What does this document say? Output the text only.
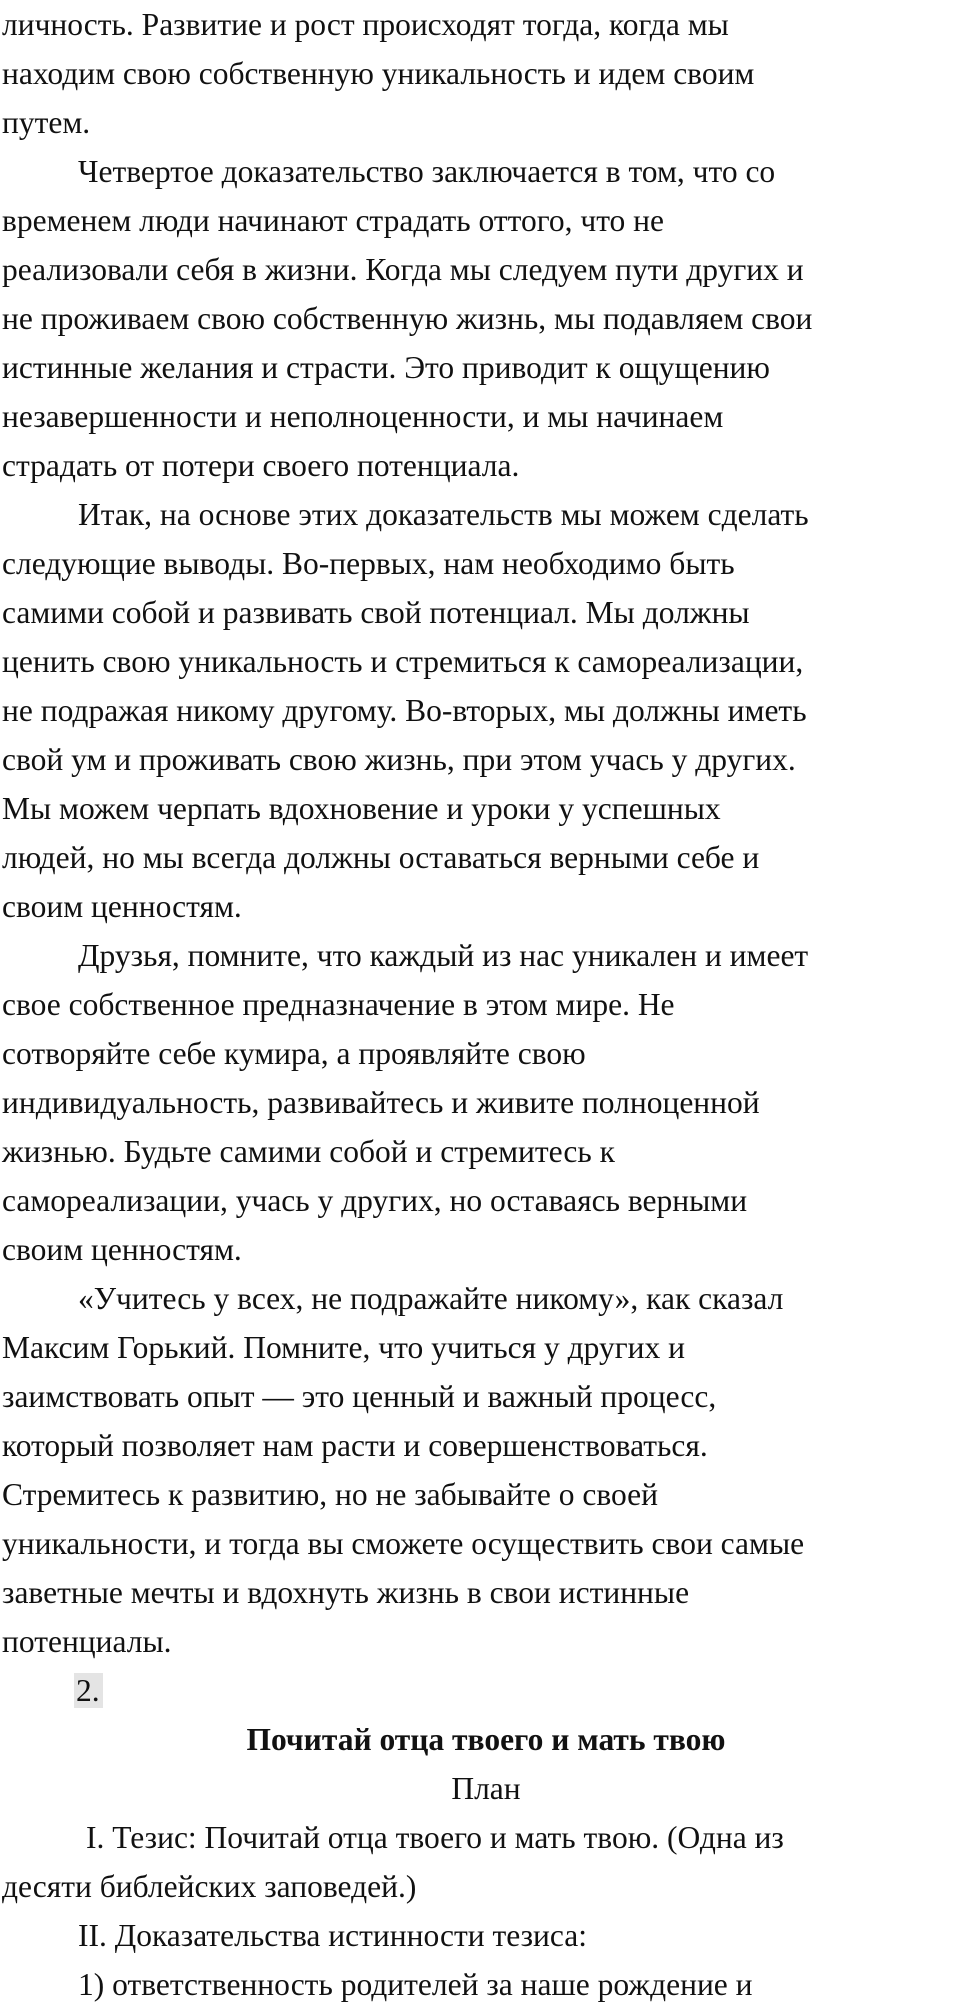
личность. Развитие и рост происходят тогда, когда мы
находим свою собственную уникальность и идем своим
путем.

Четвертое доказательство заключается в том, что со
временем люди начинают страдать оттого, что не
реализовали себя в жизни. Когда мы следуем пути других и
не проживаем свою собственную жизнь, мы подавляем свои
истинные желания и страсти. Это приводит к ощущению
незавершенности и неполноценности, и мы начинаем
страдать от потери своего потенциала.

Итак, на основе этих доказательств мы можем сделать
следующие выводы. Во-первых, нам необходимо быть
самими собой и развивать свой потенциал. Мы должны
ценить свою уникальность и стремиться к самореализации,
не подражая никому другому. Во-вторых, мы должны иметь
свой ум и проживать свою жизнь, при этом учась у других.
Мы можем черпать вдохновение и уроки у успешных
людей, но мы всегда должны оставаться верными себе и
своим ценностям.

Друзья, помните, что каждый из нас уникален и имеет
свое собственное предназначение в этом мире. Не
сотворяйте себе кумира, а проявляйте свою
индивидуальность, развивайтесь и живите полноценной
жизнью. Будьте самими собой и стремитесь к
самореализации, учась у других, но оставаясь верными
своим ценностям.

«Учитесь у всех, не подражайте никому», как сказал
Максим Горький. Помните, что учиться у других и
заимствовать опыт — это ценный и важный процесс,
который позволяет нам расти и совершенствоваться.
Стремитесь к развитию, но не забывайте о своей
уникальности, и тогда вы сможете осуществить свои самые
заветные мечты и вдохнуть жизнь в свои истинные
потенциалы.

2.

Почитай отца твоего и мать твою

План

I. Тезис: Почитай отца твоего и мать твою. (Одна из
десяти библейских заповедей.)

II. Доказательства истинности тезиса:

1) ответственность родителей за наше рождение и
